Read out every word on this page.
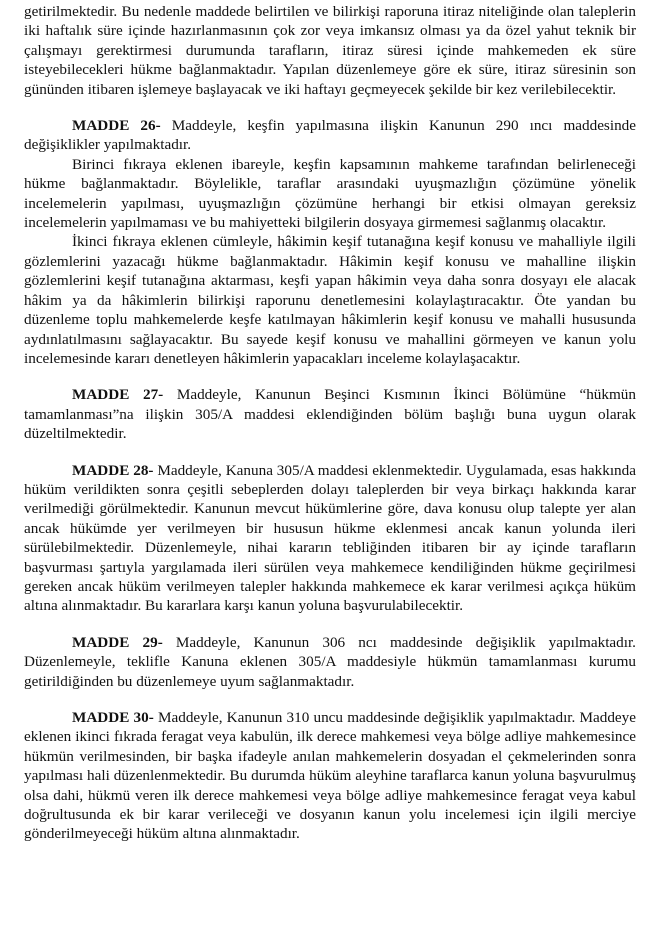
getirilmektedir. Bu nedenle maddede belirtilen ve bilirkişi raporuna itiraz niteliğinde olan taleplerin iki haftalık süre içinde hazırlanmasının çok zor veya imkansız olması ya da özel yahut teknik bir çalışmayı gerektirmesi durumunda tarafların, itiraz süresi içinde mahkemeden ek süre isteyebilecekleri hükme bağlanmaktadır. Yapılan düzenlemeye göre ek süre, itiraz süresinin son gününden itibaren işlemeye başlayacak ve iki haftayı geçmeyecek şekilde bir kez verilebilecektir.

MADDE 26- Maddeyle, keşfin yapılmasına ilişkin Kanunun 290 ıncı maddesinde değişiklikler yapılmaktadır.

Birinci fıkraya eklenen ibareyle, keşfin kapsamının mahkeme tarafından belirleneceği hükme bağlanmaktadır. Böylelikle, taraflar arasındaki uyuşmazlığın çözümüne yönelik incelemelerin yapılması, uyuşmazlığın çözümüne herhangi bir etkisi olmayan gereksiz incelemelerin yapılmaması ve bu mahiyetteki bilgilerin dosyaya girmemesi sağlanmış olacaktır.

İkinci fıkraya eklenen cümleyle, hâkimin keşif tutanağına keşif konusu ve mahalliyle ilgili gözlemlerini yazacağı hükme bağlanmaktadır. Hâkimin keşif konusu ve mahalline ilişkin gözlemlerini keşif tutanağına aktarması, keşfi yapan hâkimin veya daha sonra dosyayı ele alacak hâkim ya da hâkimlerin bilirkişi raporunu denetlemesini kolaylaştıracaktır. Öte yandan bu düzenleme toplu mahkemelerde keşfe katılmayan hâkimlerin keşif konusu ve mahalli hususunda aydınlatılmasını sağlayacaktır. Bu sayede keşif konusu ve mahallini görmeyen ve kanun yolu incelemesinde kararı denetleyen hâkimlerin yapacakları inceleme kolaylaşacaktır.

MADDE 27- Maddeyle, Kanunun Beşinci Kısmının İkinci Bölümüne “hükmün tamamlanması”na ilişkin 305/A maddesi eklendiğinden bölüm başlığı buna uygun olarak düzeltilmektedir.

MADDE 28- Maddeyle, Kanuna 305/A maddesi eklenmektedir. Uygulamada, esas hakkında hüküm verildikten sonra çeşitli sebeplerden dolayı taleplerden bir veya birkaçı hakkında karar verilmediği görülmektedir. Kanunun mevcut hükümlerine göre, dava konusu olup talepte yer alan ancak hükümde yer verilmeyen bir hususun hükme eklenmesi ancak kanun yolunda ileri sürülebilmektedir. Düzenlemeyle, nihai kararın tebliğinden itibaren bir ay içinde tarafların başvurması şartıyla yargılamada ileri sürülen veya mahkemece kendiliğinden hükme geçirilmesi gereken ancak hüküm verilmeyen talepler hakkında mahkemece ek karar verilmesi açıkça hüküm altına alınmaktadır. Bu kararlara karşı kanun yoluna başvurulabilecektir.

MADDE 29- Maddeyle, Kanunun 306 ncı maddesinde değişiklik yapılmaktadır. Düzenlemeyle, teklifle Kanuna eklenen 305/A maddesiyle hükmün tamamlanması kurumu getirildiğinden bu düzenlemeye uyum sağlanmaktadır.

MADDE 30- Maddeyle, Kanunun 310 uncu maddesinde değişiklik yapılmaktadır. Maddeye eklenen ikinci fıkrada feragat veya kabulün, ilk derece mahkemesi veya bölge adliye mahkemesince hükmün verilmesinden, bir başka ifadeyle anılan mahkemelerin dosyadan el çekmelerinden sonra yapılması hali düzenlenmektedir. Bu durumda hüküm aleyhine taraflarca kanun yoluna başvurulmuş olsa dahi, hükmü veren ilk derece mahkemesi veya bölge adliye mahkemesince feragat veya kabul doğrultusunda ek bir karar verileceği ve dosyanın kanun yolu incelemesi için ilgili merciye gönderilmeyeceği hüküm altına alınmaktadır.
